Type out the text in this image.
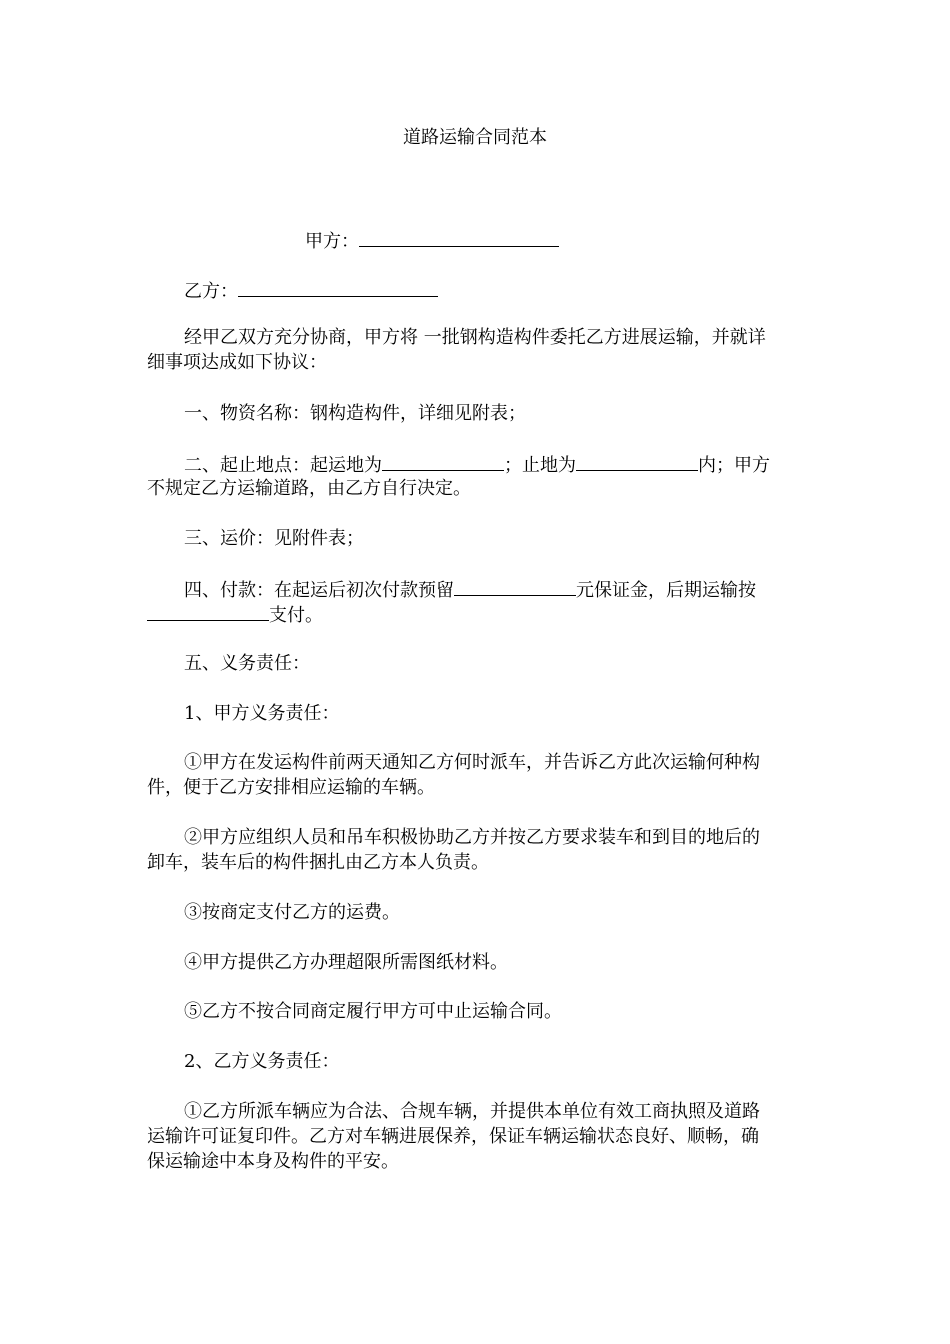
道路运输合同范本
甲方：
乙方：
经甲乙双方充分协商，甲方将 一批钢构造构件委托乙方进展运输，并就详
细事项达成如下协议：
一、物资名称：钢构造构件，详细见附表；
二、起止地点：起运地为	；止地为	内；甲方
不规定乙方运输道路，由乙方自行决定。
三、运价：见附件表；
四、付款：在起运后初次付款预留	元保证金，后期运输按
支付。
五、义务责任：
1、甲方义务责任：
①甲方在发运构件前两天通知乙方何时派车，并告诉乙方此次运输何种构
件，便于乙方安排相应运输的车辆。
②甲方应组织人员和吊车积极协助乙方并按乙方要求装车和到目的地后的
卸车，装车后的构件捆扎由乙方本人负责。
③按商定支付乙方的运费。
④甲方提供乙方办理超限所需图纸材料。
⑤乙方不按合同商定履行甲方可中止运输合同。
2、乙方义务责任：
①乙方所派车辆应为合法、合规车辆，并提供本单位有效工商执照及道路
运输许可证复印件。乙方对车辆进展保养，保证车辆运输状态良好、顺畅，确
保运输途中本身及构件的平安。
